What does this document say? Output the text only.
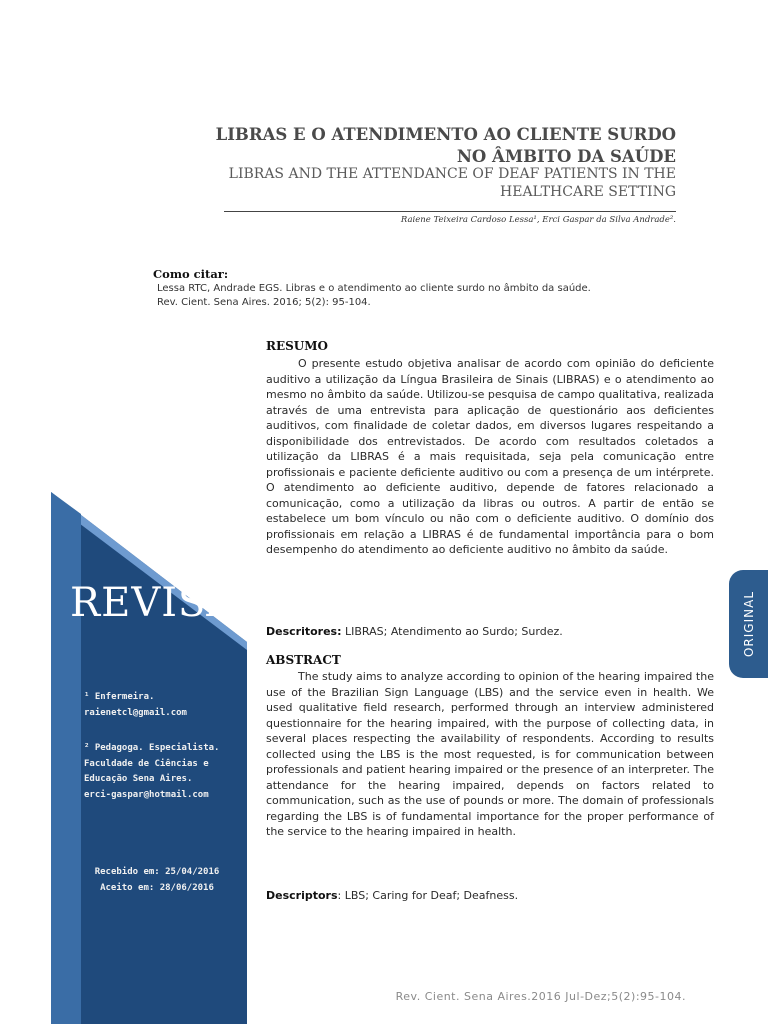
LIBRAS E O ATENDIMENTO AO CLIENTE SURDO NO ÂMBITO DA SAÚDE
LIBRAS AND THE ATTENDANCE OF DEAF PATIENTS IN THE HEALTHCARE SETTING
Raiene Teixeira Cardoso Lessa¹, Erci Gaspar da Silva Andrade².
Como citar:
Lessa RTC, Andrade EGS. Libras e o atendimento ao cliente surdo no âmbito da saúde.
Rev. Cient. Sena Aires. 2016; 5(2): 95-104.
RESUMO

O presente estudo objetiva analisar de acordo com opinião do deficiente auditivo a utilização da Língua Brasileira de Sinais (LIBRAS) e o atendimento ao mesmo no âmbito da saúde. Utilizou-se pesquisa de campo qualitativa, realizada através de uma entrevista para aplicação de questionário aos deficientes auditivos, com finalidade de coletar dados, em diversos lugares respeitando a disponibilidade dos entrevistados. De acordo com resultados coletados a utilização da LIBRAS é a mais requisitada, seja pela comunicação entre profissionais e paciente deficiente auditivo ou com a presença de um intérprete. O atendimento ao deficiente auditivo, depende de fatores relacionado a comunicação, como a utilização da libras ou outros. A partir de então se estabelece um bom vínculo ou não com o deficiente auditivo. O domínio dos profissionais em relação a LIBRAS é de fundamental importância para o bom desempenho do atendimento ao deficiente auditivo no âmbito da saúde.

Descritores: LIBRAS; Atendimento ao Surdo; Surdez.
ABSTRACT

The study aims to analyze according to opinion of the hearing impaired the use of the Brazilian Sign Language (LBS) and the service even in health. We used qualitative field research, performed through an interview administered questionnaire for the hearing impaired, with the purpose of collecting data, in several places respecting the availability of respondents. According to results collected using the LBS is the most requested, is for communication between professionals and patient hearing impaired or the presence of an interpreter. The attendance for the hearing impaired, depends on factors related to communication, such as the use of pounds or more. The domain of professionals regarding the LBS is of fundamental importance for the proper performance of the service to the hearing impaired in health.

Descriptors: LBS; Caring for Deaf; Deafness.
REVISA
¹ Enfermeira.
raienetcl@gmail.com
² Pedagoga. Especialista.
Faculdade de Ciências e
Educação Sena Aires.
erci-gaspar@hotmail.com
Recebido em: 25/04/2016
Aceito em: 28/06/2016
ORIGINAL
Rev. Cient. Sena Aires.2016 Jul-Dez;5(2):95-104.
